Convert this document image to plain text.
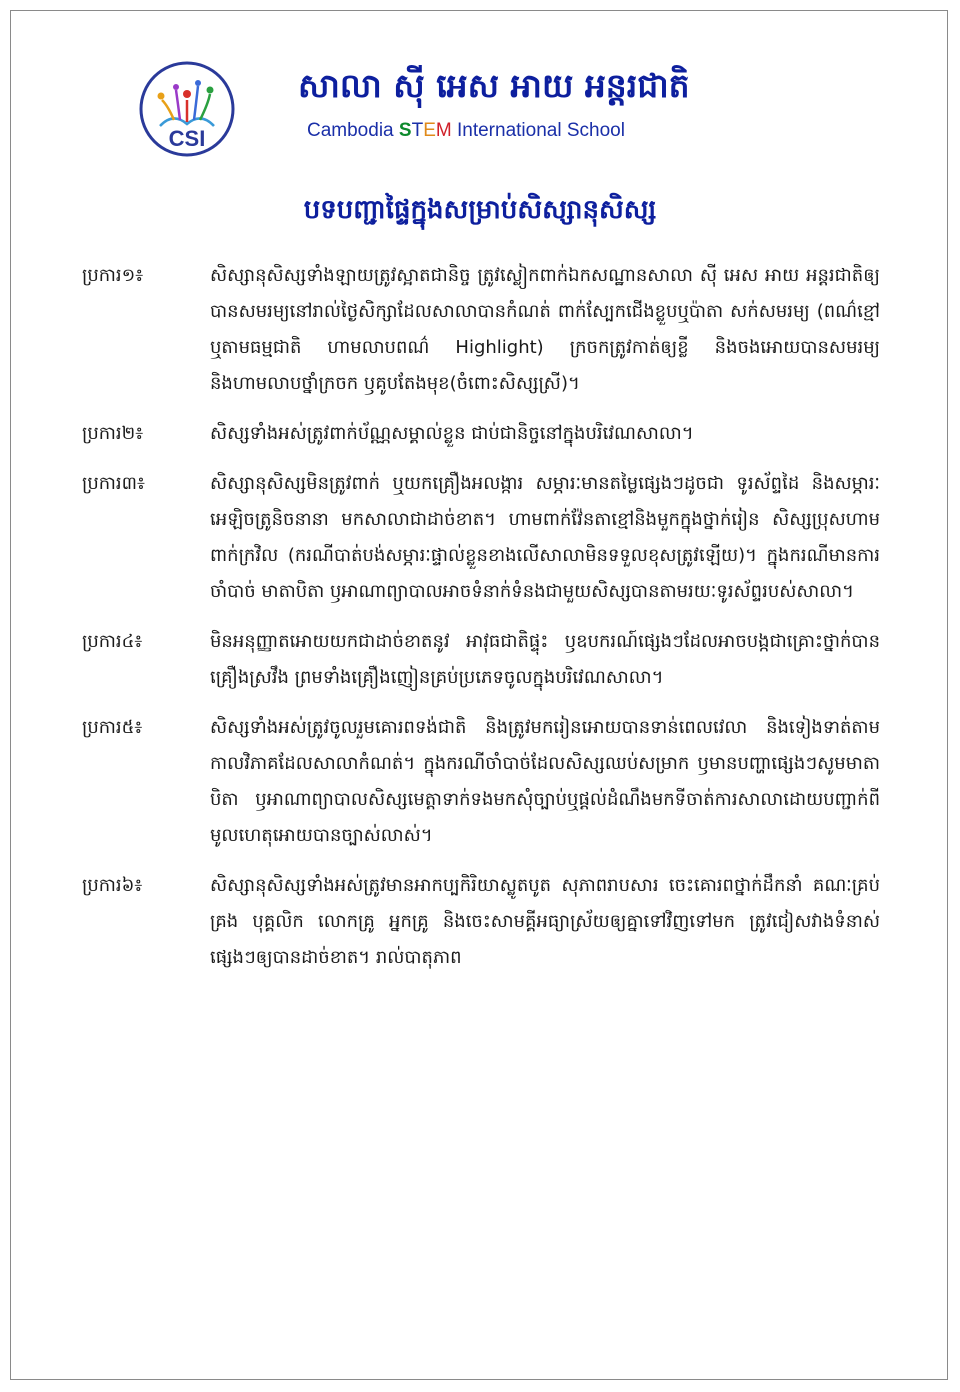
CSI
សាលា ស៊ី អេស អាយ អន្តរជាតិ
Cambodia STEM International School
បទបញ្ជាផ្ទៃក្នុងសម្រាប់សិស្សានុសិស្ស
ប្រការ១៖	សិស្សានុសិស្សទាំងឡាយត្រូវស្អាតជានិច្ច ត្រូវស្លៀកពាក់ឯកសណ្ឋានសាលា ស៊ី អេស អាយ អន្តរជាតិឲ្យបានសមរម្យនៅរាល់ថ្ងៃសិក្សាដែលសាលាបានកំណត់ ពាក់ស្បែកជើងខ្លួបឬប៉ាតា សក់សមរម្យ (ពណ៌ខ្មៅ ឬតាមធម្មជាតិ ហាមលាបពណ៌ Highlight) ក្រចកត្រូវកាត់ឲ្យខ្លី និងចងអោយបានសមរម្យ និងហាមលាបថ្នាំក្រចក ឫគូបតែងមុខ(ចំពោះសិស្សស្រី)។
ប្រការ២៖	សិស្សទាំងអស់ត្រូវពាក់ប័ណ្ណសម្គាល់ខ្លួន ជាប់ជានិច្ចនៅក្នុងបរិវេណសាលា។
ប្រការ៣៖	សិស្សានុសិស្សមិនត្រូវពាក់ ឬយកគ្រឿងអលង្ការ សម្ភារៈមានតម្លៃផ្សេងៗដូចជា ទូរស័ព្ទដៃ និងសម្ភារៈអេឡិចត្រូនិចនានា មកសាលាជាដាច់ខាត។ ហាមពាក់វ៉ែនតាខ្មៅនិងមួកក្នុងថ្នាក់រៀន សិស្សប្រុសហាមពាក់ក្រវិល (ករណីបាត់បង់សម្ភារៈផ្ទាល់ខ្លួនខាងលើសាលាមិនទទួលខុសត្រូវឡើយ)។ ក្នុងករណីមានការចាំបាច់ មាតាបិតា ឫអាណាព្យាបាលអាចទំនាក់ទំនងជាមួយសិស្សបានតាមរយៈទូរស័ព្ទរបស់សាលា។
ប្រការ៤៖	មិនអនុញ្ញាតអោយយកជាដាច់ខាតនូវ អាវុធជាតិផ្ទុះ ឫឧបករណ៍ផ្សេងៗដែលអាចបង្កជាគ្រោះថ្នាក់បាន គ្រឿងស្រវឹង ព្រមទាំងគ្រឿងញៀនគ្រប់ប្រភេទចូលក្នុងបរិវេណសាលា។
ប្រការ៥៖	សិស្សទាំងអស់ត្រូវចូលរួមគោរពទង់ជាតិ និងត្រូវមករៀនអោយបានទាន់ពេលវេលា និងទៀងទាត់តាមកាលវិភាគដែលសាលាកំណត់។ ក្នុងករណីចាំបាច់ដែលសិស្សឈប់សម្រាក ឫមានបញ្ហាផ្សេងៗសូមមាតាបិតា ឫអាណាព្យាបាលសិស្សមេត្តាទាក់ទងមកសុំច្បាប់ឬផ្តល់ដំណឹងមកទីចាត់ការសាលាដោយបញ្ជាក់ពីមូលហេតុអោយបានច្បាស់លាស់។
ប្រការ៦៖	សិស្សានុសិស្សទាំងអស់ត្រូវមានអាកប្បកិរិយាស្លូតបូត សុភាពរាបសារ ចេះគោរពថ្នាក់ដឹកនាំ គណៈគ្រប់គ្រង បុគ្គលិក លោកគ្រូ អ្នកគ្រូ និងចេះសាមគ្គីអធ្យាស្រ័យឲ្យគ្នាទៅវិញទៅមក ត្រូវជៀសវាងទំនាស់ផ្សេងៗឲ្យបានដាច់ខាត។ រាល់បាតុភាព
